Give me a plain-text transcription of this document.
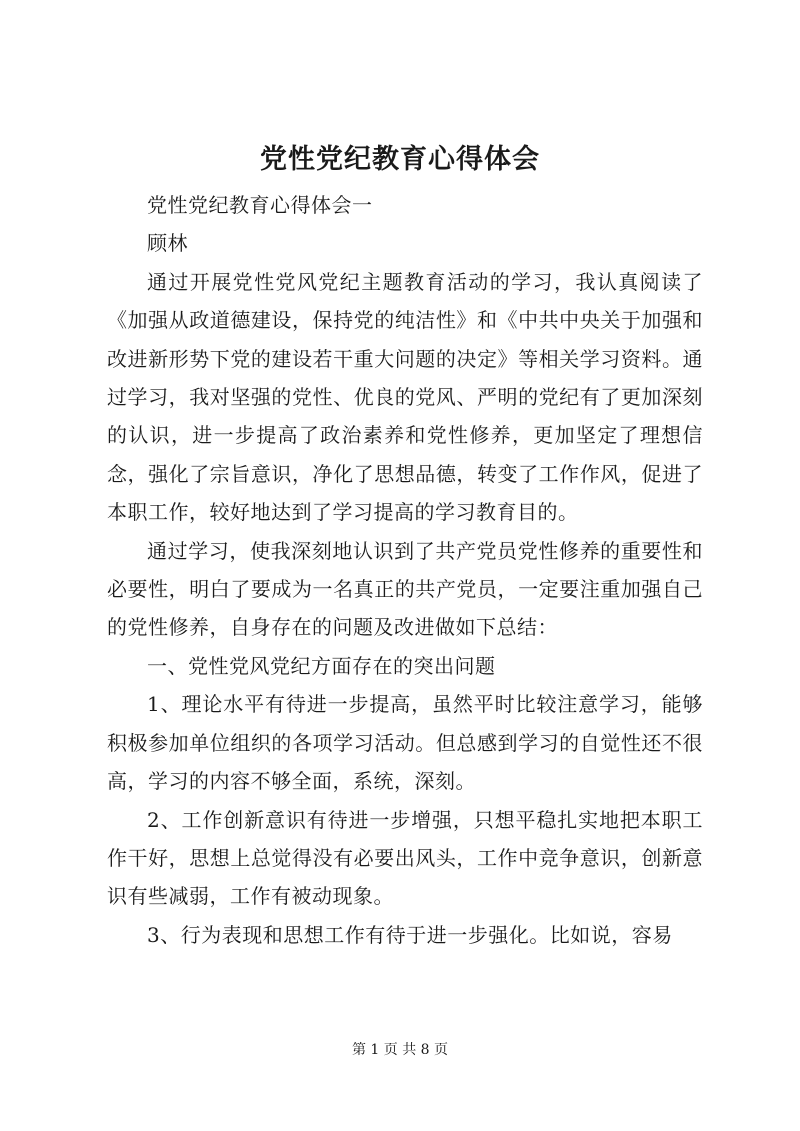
党性党纪教育心得体会

党性党纪教育心得体会一

顾林

通过开展党性党风党纪主题教育活动的学习，我认真阅读了《加强从政道德建设，保持党的纯洁性》和《中共中央关于加强和改进新形势下党的建设若干重大问题的决定》等相关学习资料。通过学习，我对坚强的党性、优良的党风、严明的党纪有了更加深刻的认识，进一步提高了政治素养和党性修养，更加坚定了理想信念，强化了宗旨意识，净化了思想品德，转变了工作作风，促进了本职工作，较好地达到了学习提高的学习教育目的。

通过学习，使我深刻地认识到了共产党员党性修养的重要性和必要性，明白了要成为一名真正的共产党员，一定要注重加强自己的党性修养，自身存在的问题及改进做如下总结：

一、党性党风党纪方面存在的突出问题

1、理论水平有待进一步提高，虽然平时比较注意学习，能够积极参加单位组织的各项学习活动。但总感到学习的自觉性还不很高，学习的内容不够全面，系统，深刻。

2、工作创新意识有待进一步增强，只想平稳扎实地把本职工作干好，思想上总觉得没有必要出风头，工作中竞争意识，创新意识有些减弱，工作有被动现象。

3、行为表现和思想工作有待于进一步强化。比如说，容易

第 1 页 共 8 页
